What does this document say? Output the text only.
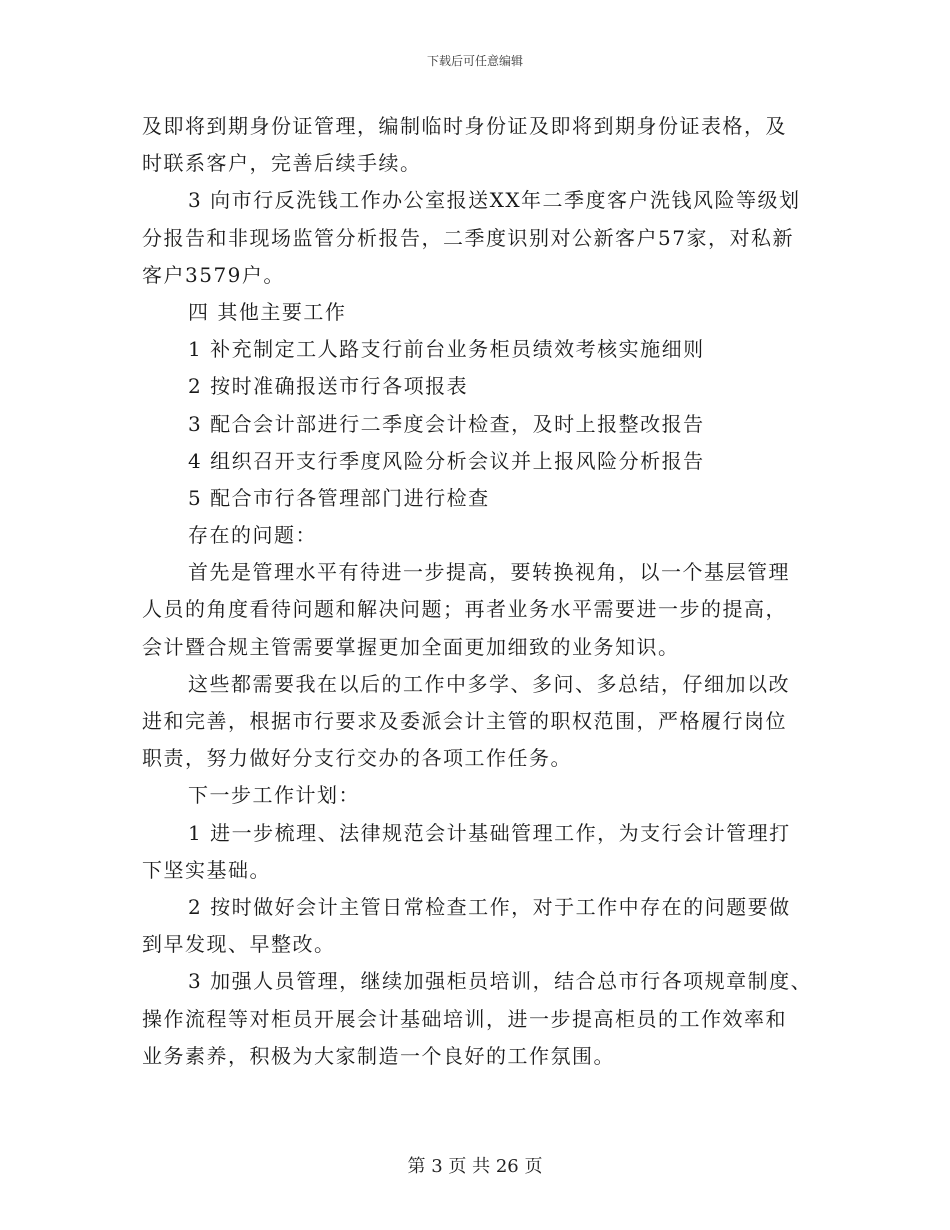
下载后可任意编辑
及即将到期身份证管理，编制临时身份证及即将到期身份证表格，及
时联系客户，完善后续手续。
3 向市行反洗钱工作办公室报送XX年二季度客户洗钱风险等级划
分报告和非现场监管分析报告，二季度识别对公新客户57家，对私新
客户3579户。
四 其他主要工作
1 补充制定工人路支行前台业务柜员绩效考核实施细则
2 按时准确报送市行各项报表
3 配合会计部进行二季度会计检查，及时上报整改报告
4 组织召开支行季度风险分析会议并上报风险分析报告
5 配合市行各管理部门进行检查
存在的问题：
首先是管理水平有待进一步提高，要转换视角，以一个基层管理
人员的角度看待问题和解决问题；再者业务水平需要进一步的提高，
会计暨合规主管需要掌握更加全面更加细致的业务知识。
这些都需要我在以后的工作中多学、多问、多总结，仔细加以改
进和完善，根据市行要求及委派会计主管的职权范围，严格履行岗位
职责，努力做好分支行交办的各项工作任务。
下一步工作计划：
1 进一步梳理、法律规范会计基础管理工作，为支行会计管理打
下坚实基础。
2 按时做好会计主管日常检查工作，对于工作中存在的问题要做
到早发现、早整改。
3 加强人员管理，继续加强柜员培训，结合总市行各项规章制度、
操作流程等对柜员开展会计基础培训，进一步提高柜员的工作效率和
业务素养，积极为大家制造一个良好的工作氛围。
第 3 页 共 26 页
